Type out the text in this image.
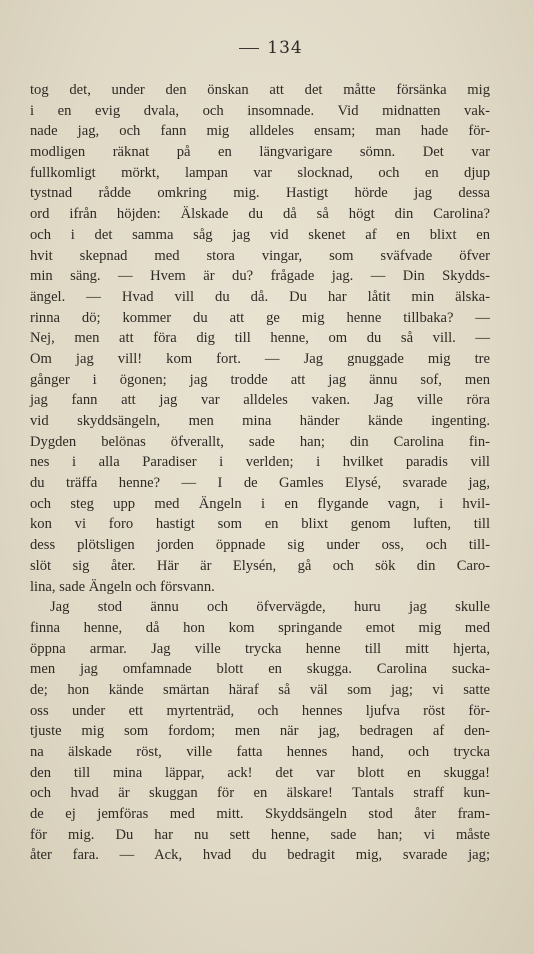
134
tog det, under den önskan att det måtte försänka mig
i en evig dvala, och insomnade. Vid midnatten vak-
nade jag, och fann mig alldeles ensam; man hade för-
modligen räknat på en längvarigare sömn. Det var
fullkomligt mörkt, lampan var slocknad, och en djup
tystnad rådde omkring mig. Hastigt hörde jag dessa
ord ifrån höjden: Älskade du då så högt din Carolina?
och i det samma såg jag vid skenet af en blixt en
hvit skepnad med stora vingar, som sväfvade öfver
min säng. — Hvem är du? frågade jag. — Din Skydds-
ängel. — Hvad vill du då. Du har låtit min älska-
rinna dö; kommer du att ge mig henne tillbaka? —
Nej, men att föra dig till henne, om du så vill. —
Om jag vill! kom fort. — Jag gnuggade mig tre
gånger i ögonen; jag trodde att jag ännu sof, men
jag fann att jag var alldeles vaken. Jag ville röra
vid skyddsängeln, men mina händer kände ingenting.
Dygden belönas öfverallt, sade han; din Carolina fin-
nes i alla Paradiser i verlden; i hvilket paradis vill
du träffa henne? — I de Gamles Elysé, svarade jag,
och steg upp med Ängeln i en flygande vagn, i hvil-
kon vi foro hastigt som en blixt genom luften, till
dess plötsligen jorden öppnade sig under oss, och till-
slöt sig åter. Här är Elysén, gå och sök din Caro-
lina, sade Ängeln och försvann.
Jag stod ännu och öfvervägde, huru jag skulle
finna henne, då hon kom springande emot mig med
öppna armar. Jag ville trycka henne till mitt hjerta,
men jag omfamnade blott en skugga. Carolina sucka-
de; hon kände smärtan häraf så väl som jag; vi satte
oss under ett myrtenträd, och hennes ljufva röst för-
tjuste mig som fordom; men när jag, bedragen af den-
na älskade röst, ville fatta hennes hand, och trycka
den till mina läppar, ack! det var blott en skugga!
och hvad är skuggan för en älskare! Tantals straff kun-
de ej jemföras med mitt. Skyddsängeln stod åter fram-
för mig. Du har nu sett henne, sade han; vi måste
åter fara. — Ack, hvad du bedragit mig, svarade jag;
